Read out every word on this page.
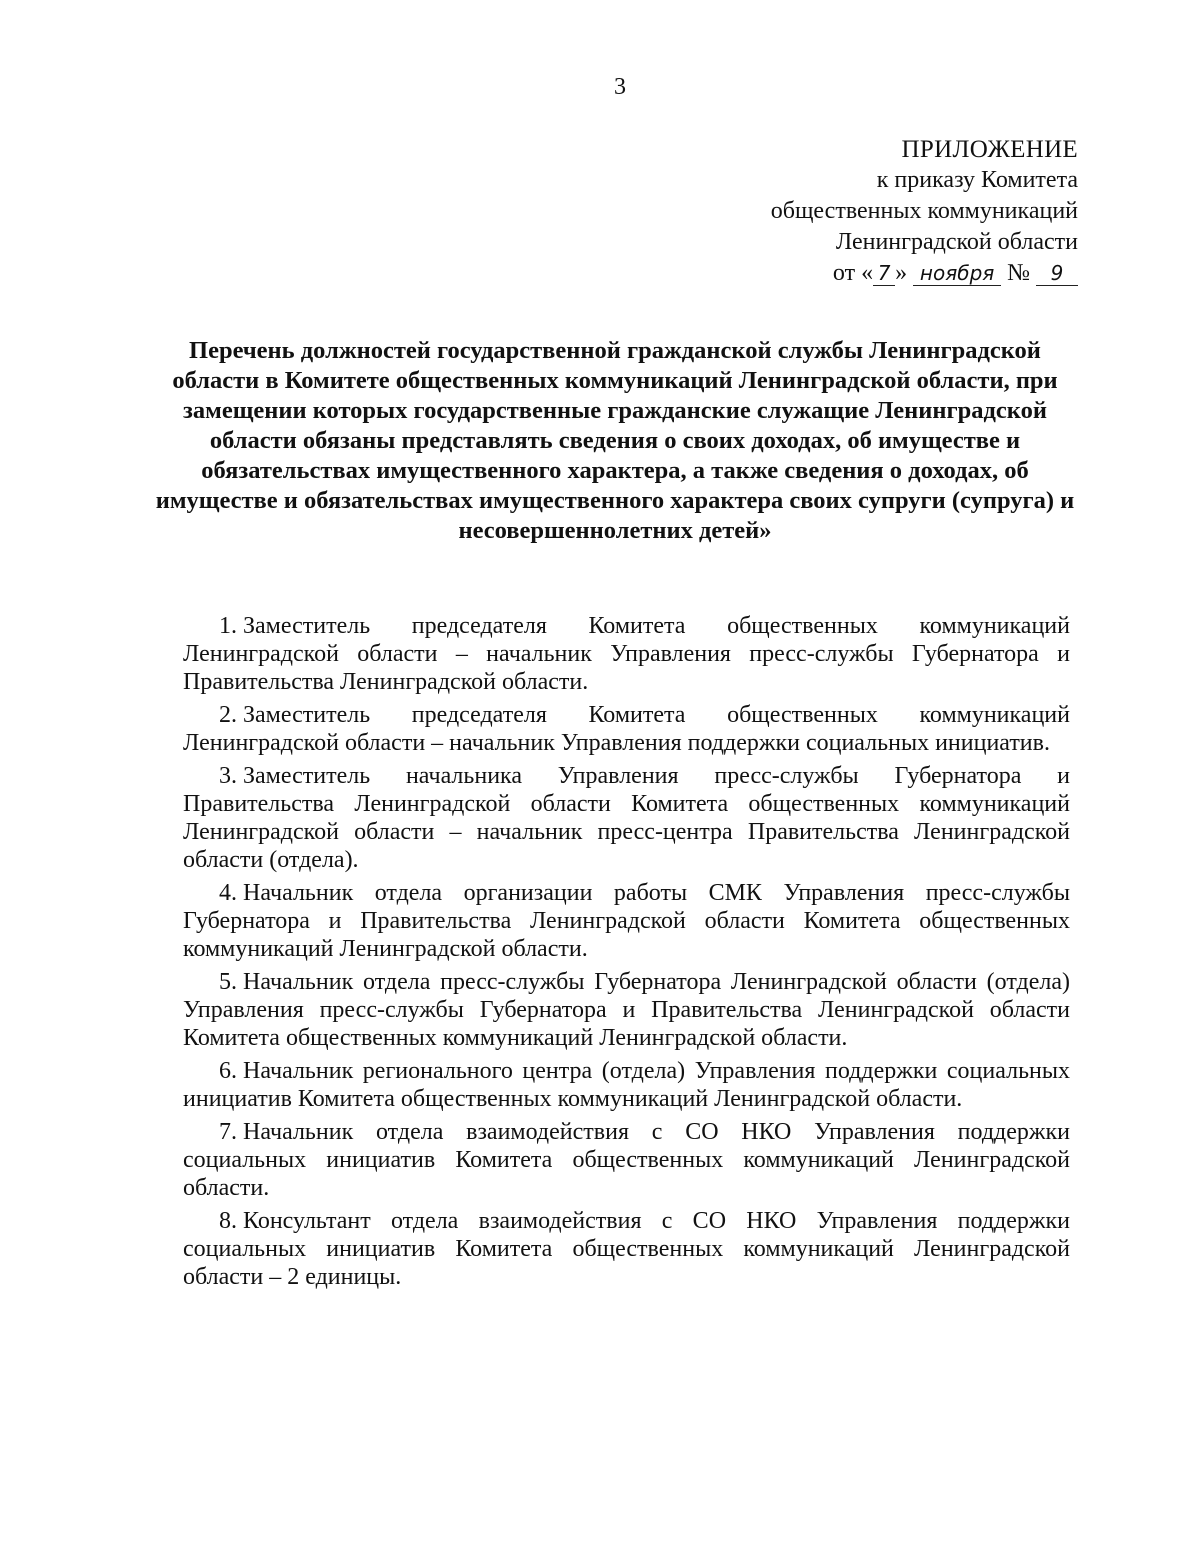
3
ПРИЛОЖЕНИЕ
к приказу Комитета
общественных коммуникаций
Ленинградской области
от « 7 » ноября № 9
Перечень должностей государственной гражданской службы Ленинградской области в Комитете общественных коммуникаций Ленинградской области, при замещении которых государственные гражданские служащие Ленинградской области обязаны представлять сведения о своих доходах, об имуществе и обязательствах имущественного характера, а также сведения о доходах, об имуществе и обязательствах имущественного характера своих супруги (супруга) и несовершеннолетних детей»

1. Заместитель председателя Комитета общественных коммуникаций Ленинградской области – начальник Управления пресс-службы Губернатора и Правительства Ленинградской области.

2. Заместитель председателя Комитета общественных коммуникаций Ленинградской области – начальник Управления поддержки социальных инициатив.

3. Заместитель начальника Управления пресс-службы Губернатора и Правительства Ленинградской области Комитета общественных коммуникаций Ленинградской области – начальник пресс-центра Правительства Ленинградской области (отдела).

4. Начальник отдела организации работы СМК Управления пресс-службы Губернатора и Правительства Ленинградской области Комитета общественных коммуникаций Ленинградской области.

5. Начальник отдела пресс-службы Губернатора Ленинградской области (отдела) Управления пресс-службы Губернатора и Правительства Ленинградской области Комитета общественных коммуникаций Ленинградской области.

6. Начальник регионального центра (отдела) Управления поддержки социальных инициатив Комитета общественных коммуникаций Ленинградской области.

7. Начальник отдела взаимодействия с СО НКО Управления поддержки социальных инициатив Комитета общественных коммуникаций Ленинградской области.

8. Консультант отдела взаимодействия с СО НКО Управления поддержки социальных инициатив Комитета общественных коммуникаций Ленинградской области – 2 единицы.
